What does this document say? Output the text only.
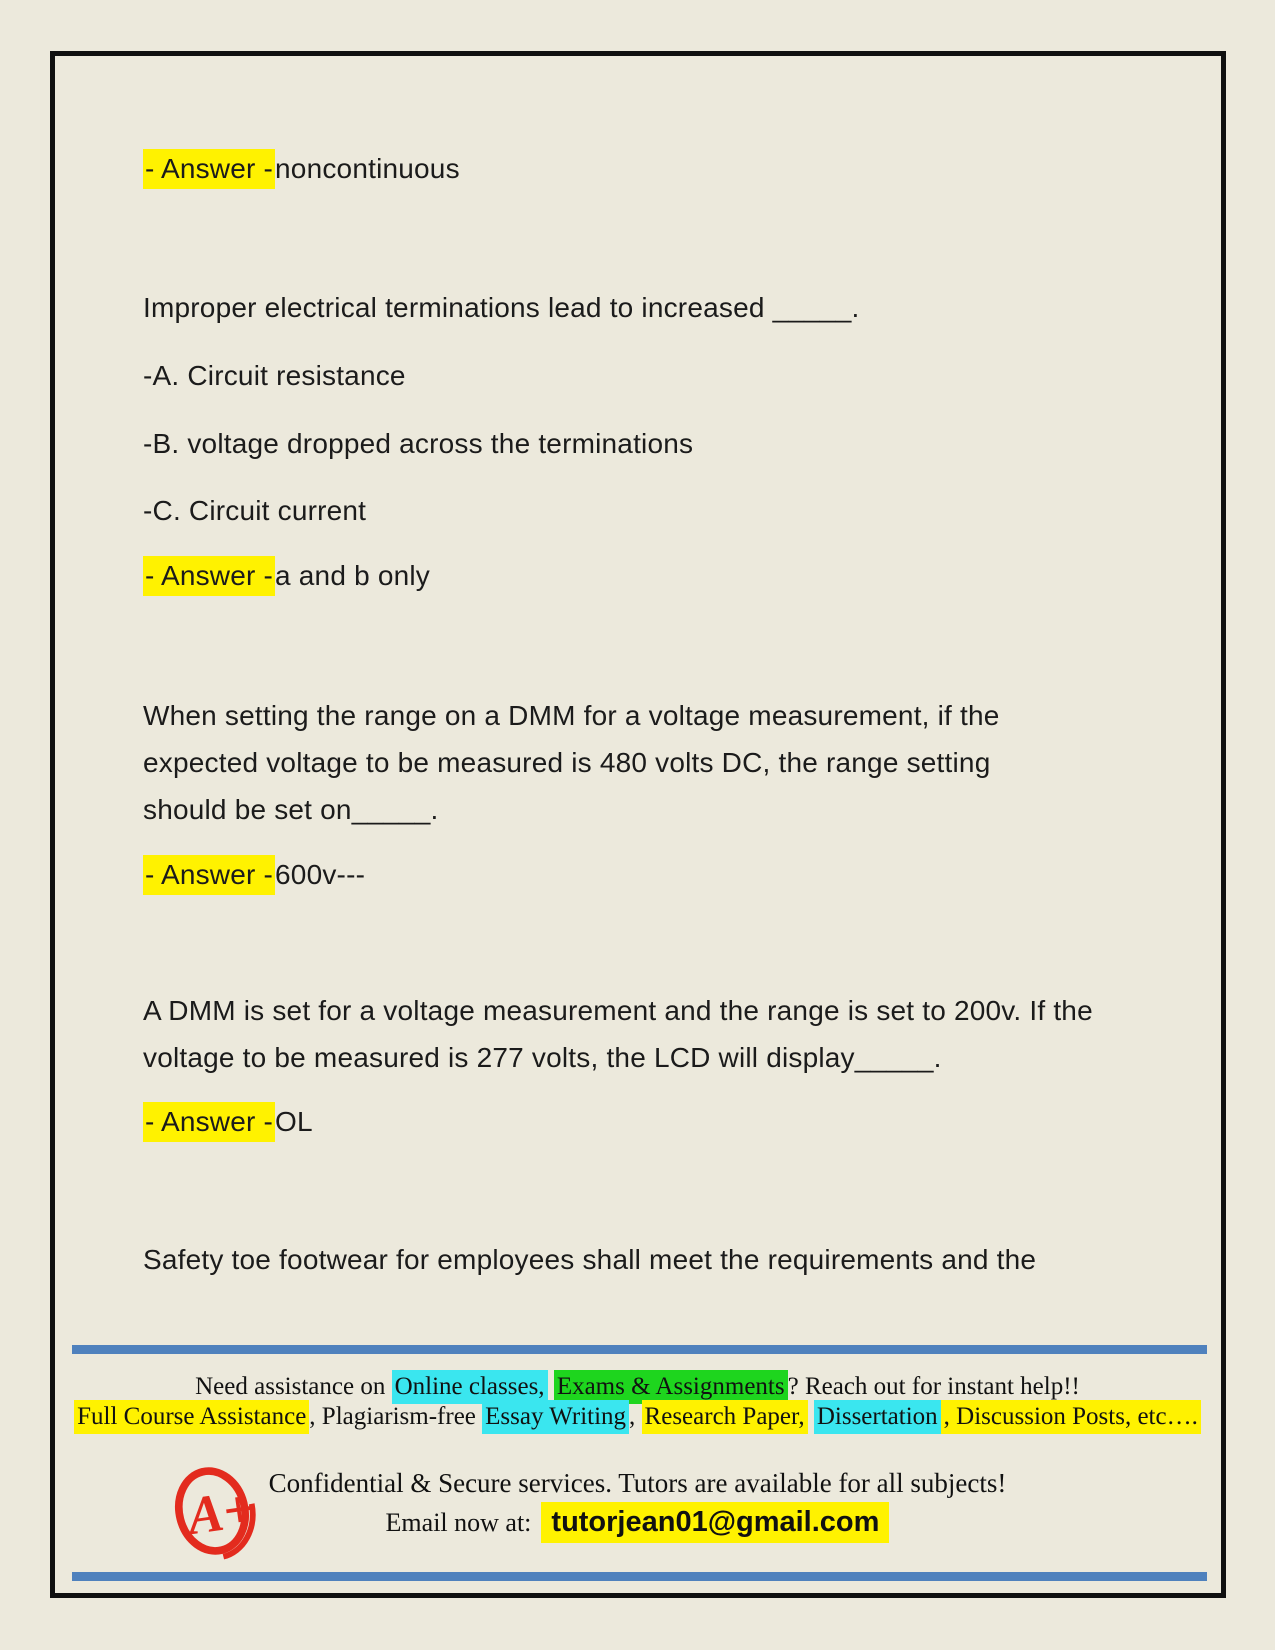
- Answer -noncontinuous
Improper electrical terminations lead to increased _____.
-A. Circuit resistance
-B. voltage dropped across the terminations
-C. Circuit current
- Answer -a and b only
When setting the range on a DMM for a voltage measurement, if the expected voltage to be measured is 480 volts DC, the range setting should be set on_____.
- Answer -600v---
A DMM is set for a voltage measurement and the range is set to 200v. If the voltage to be measured is 277 volts, the LCD will display_____.
- Answer -OL
Safety toe footwear for employees shall meet the requirements and the
Need assistance on Online classes, Exams & Assignments ? Reach out for instant help!!
Full Course Assistance , Plagiarism-free Essay Writing , Research Paper, Dissertation , Discussion Posts, etc….
A+ Confidential & Secure services. Tutors are available for all subjects!
Email now at: tutorjean01@gmail.com
